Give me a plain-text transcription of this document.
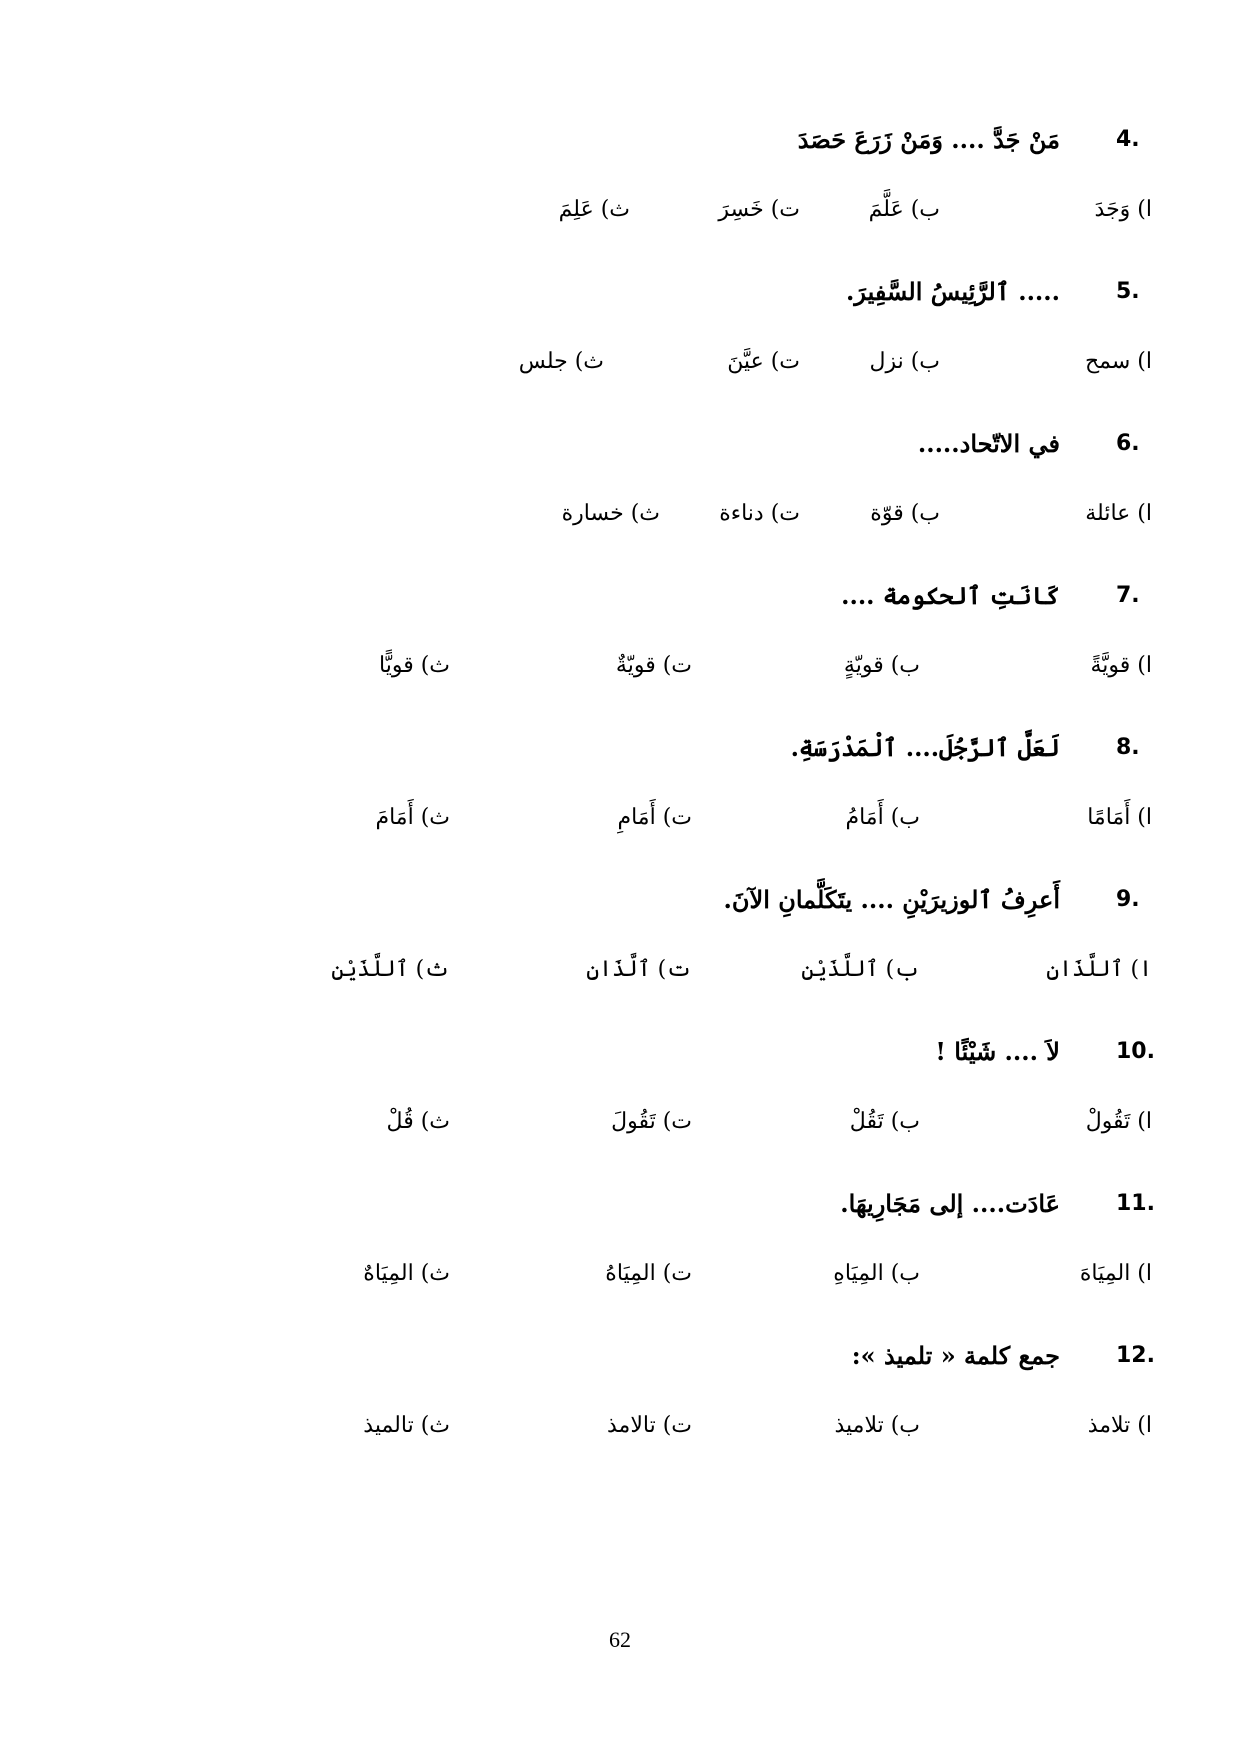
4.
مَنْ جَدَّ .... وَمَنْ زَرَعَ حَصَدَ
ا) وَجَدَ
ب) عَلَّمَ
ت) خَسِرَ
ث) عَلِمَ
5.
..... ٱلرَّئِيسُ السَّفِيرَ.
ا) سمح
ب) نزل
ت) عيَّنَ
ث) جلس
6.
في الاتّحاد.....
ا) عائلة
ب) قوّة
ت) دناءة
ث) خسارة
7.
كَانَتِ ٱلحكومة ....
ا) قويَّةً
ب) قويّةٍ
ت) قويّةٌ
ث) قويًّا
8.
لَعَلَّ ٱلرَّجُلَ.... ٱلْمَدْرَسَةِ.
ا) أَمَامًا
ب) أَمَامُ
ت) أَمَامِ
ث) أَمَامَ
9.
أَعرِفُ ٱلوزيرَيْنِ .... يتَكَلَّمانِ الآنَ.
ا) ٱللَّذَانِ
ب) ٱللَّذَيْنِ
ت) ٱلَّذَانِ
ث) ٱللَّذَيْنِ
10.
لاَ .... شَيْئًا !
ا) تَقُولْ
ب) تَقُلْ
ت) تَقُولَ
ث) قُلْ
11.
عَادَت.... إلى مَجَارِيهَا.
ا) المِيَاهَ
ب) المِيَاهِ
ت) المِيَاهُ
ث) المِيَاهٌ
12.
جمع كلمة « تلميذ »:
ا) تلامذ
ب) تلاميذ
ت) تالامذ
ث) تالميذ
62
